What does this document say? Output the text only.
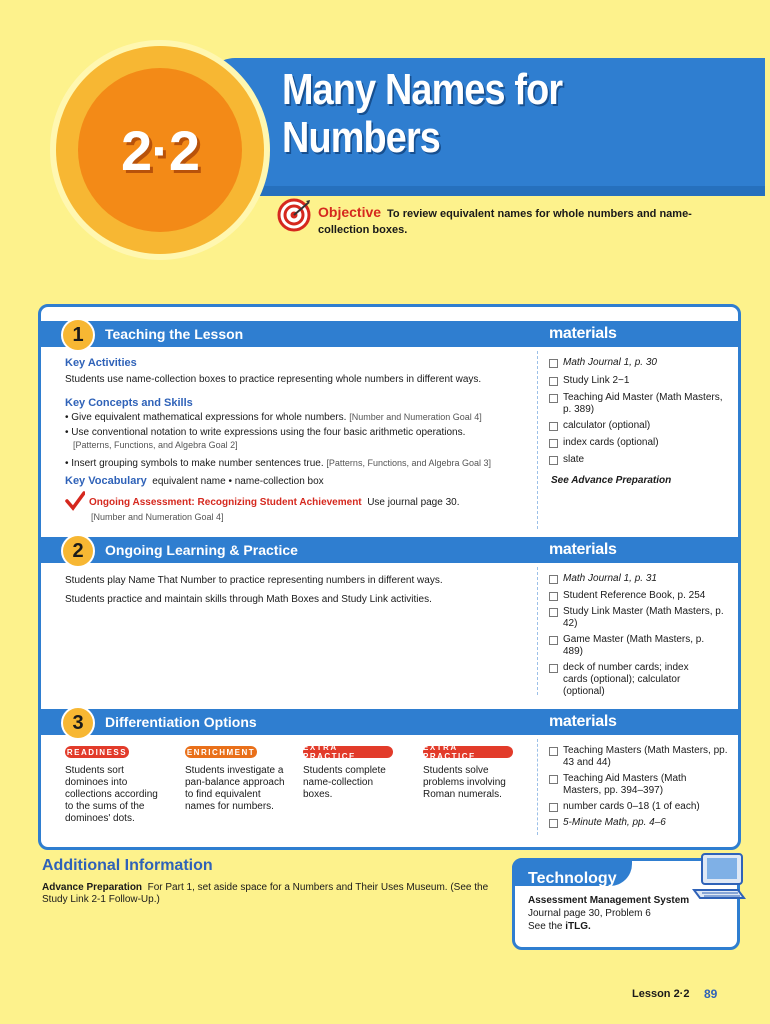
2·2
Many Names for
Numbers
Objective To review equivalent names for whole numbers and name-collection boxes.
1	Teaching the Lesson	materials
Key Activities
Students use name-collection boxes to practice representing whole numbers in different ways.
Key Concepts and Skills
• Give equivalent mathematical expressions for whole numbers. [Number and Numeration Goal 4]
• Use conventional notation to write expressions using the four basic arithmetic operations.
[Patterns, Functions, and Algebra Goal 2]
• Insert grouping symbols to make number sentences true. [Patterns, Functions, and Algebra Goal 3]
Key Vocabulary equivalent name • name-collection box
Ongoing Assessment: Recognizing Student Achievement Use journal page 30.
[Number and Numeration Goal 4]
Math Journal 1, p. 30
Study Link 2−1
Teaching Aid Master (Math Masters, p. 389)
calculator (optional)
index cards (optional)
slate
See Advance Preparation
2	Ongoing Learning & Practice	materials
Students play Name That Number to practice representing numbers in different ways.
Students practice and maintain skills through Math Boxes and Study Link activities.
Math Journal 1, p. 31
Student Reference Book, p. 254
Study Link Master (Math Masters, p. 42)
Game Master (Math Masters, p. 489)
deck of number cards; index cards (optional); calculator (optional)
3	Differentiation Options	materials
READINESS	ENRICHMENT	EXTRA PRACTICE
EXTRA PRACTICE
Students sort dominoes into collections according to the sums of the dominoes' dots.
Students investigate a pan-balance approach to find equivalent names for numbers.
Students complete name-collection boxes.
Students solve problems involving Roman numerals.
Teaching Masters (Math Masters, pp. 43 and 44)
Teaching Aid Masters (Math Masters, pp. 394–397)
number cards 0–18 (1 of each)
5-Minute Math, pp. 4–6
Additional Information
Advance Preparation For Part 1, set aside space for a Numbers and Their Uses Museum. (See the Study Link 2-1 Follow-Up.)
Technology
Assessment Management System
Journal page 30, Problem 6
See the iTLG.
Lesson 2·2 89
